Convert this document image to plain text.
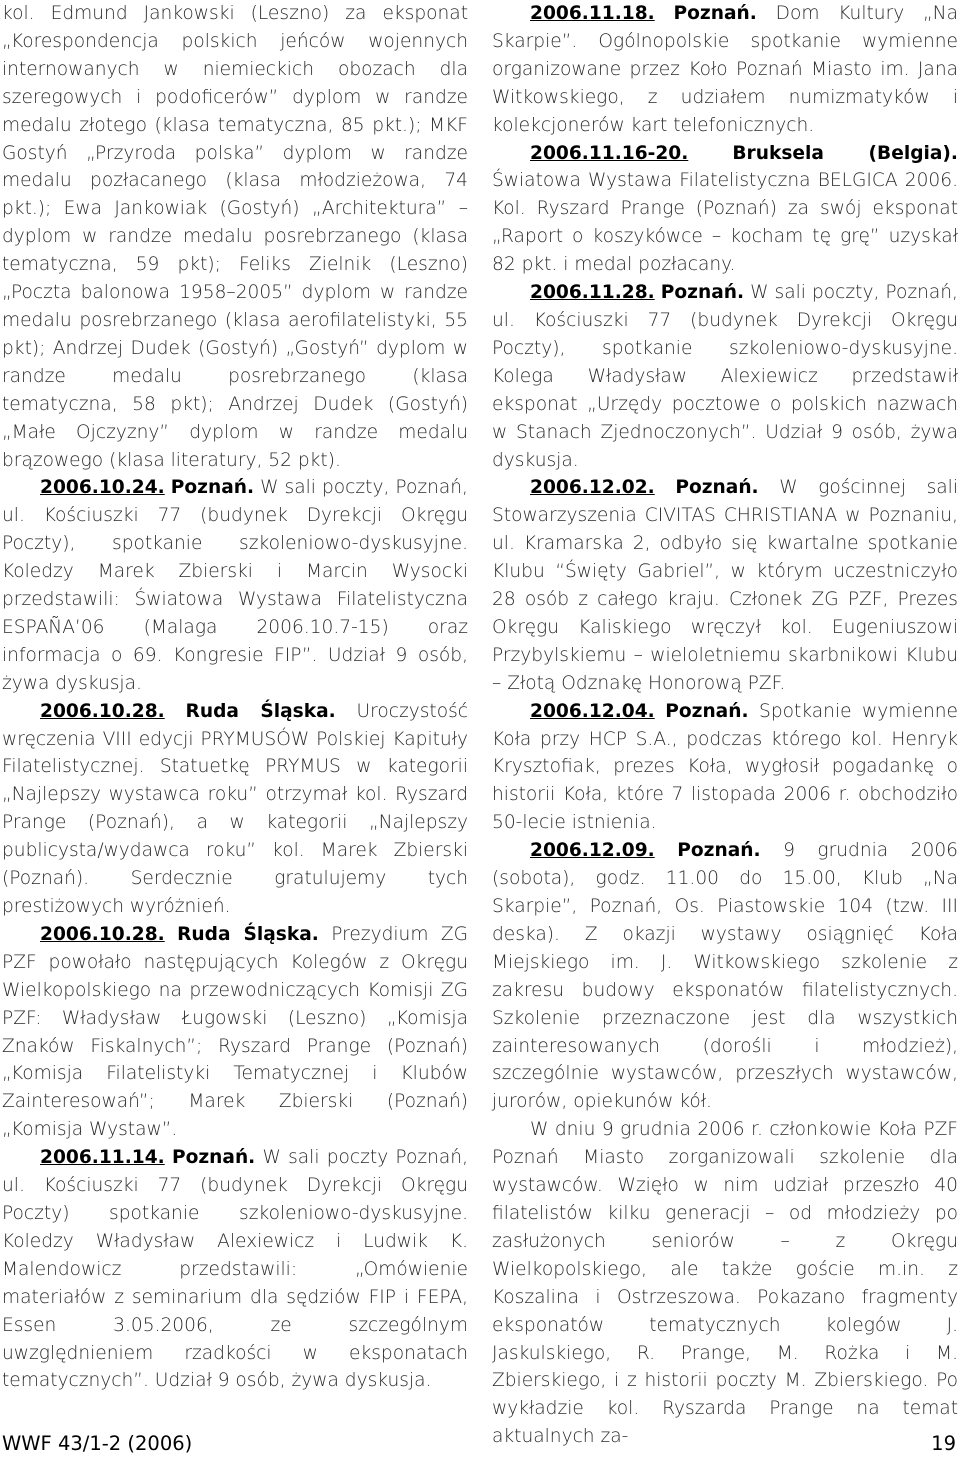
kol. Edmund Jankowski (Leszno) za eksponat „Korespondencja polskich jeńców wojennych internowanych w niemieckich obozach dla szeregowych i podoficerów” dyplom w randze medalu złotego (klasa tematyczna, 85 pkt.); MKF Gostyń „Przyroda polska” dyplom w randze medalu pozłacanego (klasa młodzieżowa, 74 pkt.); Ewa Jankowiak (Gostyń) „Architektura” – dyplom w randze medalu posrebrzanego (klasa tematyczna, 59 pkt); Feliks Zielnik (Leszno) „Poczta balonowa 1958–2005” dyplom w randze medalu posrebrzanego (klasa aerofilatelistyki, 55 pkt); Andrzej Dudek (Gostyń) „Gostyń” dyplom w randze medalu posrebrzanego (klasa tematyczna, 58 pkt); Andrzej Dudek (Gostyń) „Małe Ojczyzny” dyplom w randze medalu brązowego (klasa literatury, 52 pkt).

2006.10.24. Poznań. W sali poczty, Poznań, ul. Kościuszki 77 (budynek Dyrekcji Okręgu Poczty), spotkanie szkoleniowo-dyskusyjne. Koledzy Marek Zbierski i Marcin Wysocki przedstawili: Światowa Wystawa Filatelistyczna ESPAÑA’06 (Malaga 2006.10.7-15) oraz informacja o 69. Kongresie FIP”. Udział 9 osób, żywa dyskusja.

2006.10.28. Ruda Śląska. Uroczystość wręczenia VIII edycji PRYMUSÓW Polskiej Kapituły Filatelistycznej. Statuetkę PRYMUS w kategorii „Najlepszy wystawca roku” otrzymał kol. Ryszard Prange (Poznań), a w kategorii „Najlepszy publicysta/wydawca roku” kol. Marek Zbierski (Poznań). Serdecznie gratulujemy tych prestiżowych wyróżnień.

2006.10.28. Ruda Śląska. Prezydium ZG PZF powołało następujących Kolegów z Okręgu Wielkopolskiego na przewodniczących Komisji ZG PZF: Władysław Ługowski (Leszno) „Komisja Znaków Fiskalnych”; Ryszard Prange (Poznań) „Komisja Filatelistyki Tematycznej i Klubów Zainteresowań”; Marek Zbierski (Poznań) „Komisja Wystaw”.

2006.11.14. Poznań. W sali poczty Poznań, ul. Kościuszki 77 (budynek Dyrekcji Okręgu Poczty) spotkanie szkoleniowo-dyskusyjne. Koledzy Władysław Alexiewicz i Ludwik K. Malendowicz przedstawili: „Omówienie materiałów z seminarium dla sędziów FIP i FEPA, Essen 3.05.2006, ze szczególnym uwzględnieniem rzadkości w eksponatach tematycznych”. Udział 9 osób, żywa dyskusja.

2006.11.18. Poznań. Dom Kultury „Na Skarpie”. Ogólnopolskie spotkanie wymienne organizowane przez Koło Poznań Miasto im. Jana Witkowskiego, z udziałem numizmatyków i kolekcjonerów kart telefonicznych.

2006.11.16-20. Bruksela (Belgia). Światowa Wystawa Filatelistyczna BELGICA 2006. Kol. Ryszard Prange (Poznań) za swój eksponat „Raport o koszykówce – kocham tę grę” uzyskał 82 pkt. i medal pozłacany.

2006.11.28. Poznań. W sali poczty, Poznań, ul. Kościuszki 77 (budynek Dyrekcji Okręgu Poczty), spotkanie szkoleniowo-dyskusyjne. Kolega Władysław Alexiewicz przedstawił eksponat „Urzędy pocztowe o polskich nazwach w Stanach Zjednoczonych”. Udział 9 osób, żywa dyskusja.

2006.12.02. Poznań. W gościnnej sali Stowarzyszenia CIVITAS CHRISTIANA w Poznaniu, ul. Kramarska 2, odbyło się kwartalne spotkanie Klubu “Święty Gabriel”, w którym uczestniczyło 28 osób z całego kraju. Członek ZG PZF, Prezes Okręgu Kaliskiego wręczył kol. Eugeniuszowi Przybylskiemu – wieloletniemu skarbnikowi Klubu – Złotą Odznakę Honorową PZF.

2006.12.04. Poznań. Spotkanie wymienne Koła przy HCP S.A., podczas którego kol. Henryk Krysztofiak, prezes Koła, wygłosił pogadankę o historii Koła, które 7 listopada 2006 r. obchodziło 50-lecie istnienia.

2006.12.09. Poznań. 9 grudnia 2006 (sobota), godz. 11.00 do 15.00, Klub „Na Skarpie”, Poznań, Os. Piastowskie 104 (tzw. III deska). Z okazji wystawy osiągnięć Koła Miejskiego im. J. Witkowskiego szkolenie z zakresu budowy eksponatów filatelistycznych. Szkolenie przeznaczone jest dla wszystkich zainteresowanych (dorośli i młodzież), szczególnie wystawców, przeszłych wystawców, jurorów, opiekunów kół.

W dniu 9 grudnia 2006 r. członkowie Koła PZF Poznań Miasto zorganizowali szkolenie dla wystawców. Wzięło w nim udział przeszło 40 filatelistów kilku generacji – od młodzieży po zasłużonych seniorów – z Okręgu Wielkopolskiego, ale także goście m.in. z Koszalina i Ostrzeszowa. Pokazano fragmenty eksponatów tematycznych kolegów J. Jaskulskiego, R. Prange, M. Rożka i M. Zbierskiego, i z historii poczty M. Zbierskiego. Po wykładzie kol. Ryszarda Prange na temat aktualnych za-

WWF 43/1-2 (2006)	19
